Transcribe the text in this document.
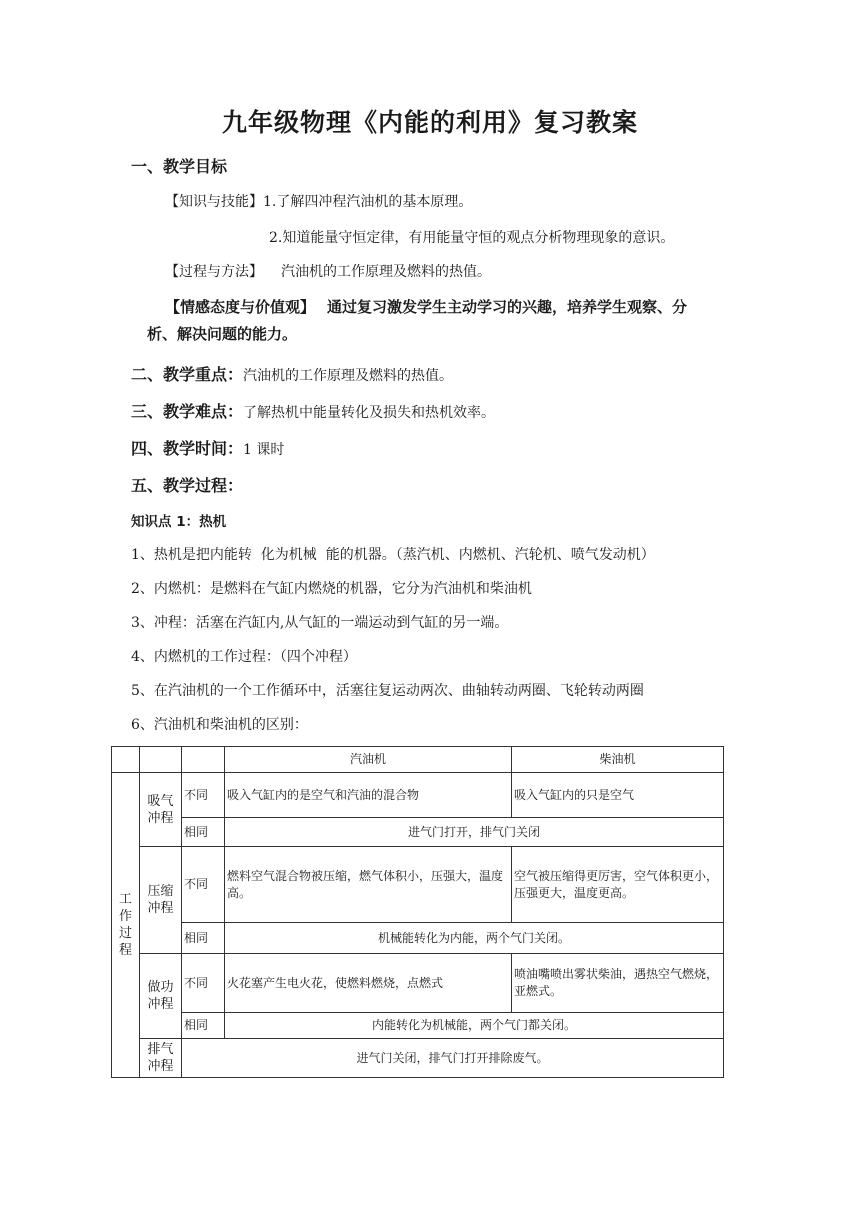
九年级物理《内能的利用》复习教案
一、教学目标
【知识与技能】1.了解四冲程汽油机的基本原理。
2.知道能量守恒定律，有用能量守恒的观点分析物理现象的意识。
【过程与方法】 汽油机的工作原理及燃料的热值。
【情感态度与价值观】 通过复习激发学生主动学习的兴趣，培养学生观察、分
析、解决问题的能力。
二、教学重点：汽油机的工作原理及燃料的热值。
三、教学难点：了解热机中能量转化及损失和热机效率。
四、教学时间：1 课时
五、教学过程：
知识点 1：热机
1、热机是把内能转  化为机械  能的机器。（蒸汽机、内燃机、汽轮机、喷气发动机）
2、内燃机：是燃料在气缸内燃烧的机器，它分为汽油机和柴油机
3、冲程：活塞在汽缸内,从气缸的一端运动到气缸的另一端。
4、内燃机的工作过程：（四个冲程）
5、在汽油机的一个工作循环中，活塞往复运动两次、曲轴转动两圈、飞轮转动两圈
6、汽油机和柴油机的区别：
			汽油机	柴油机
工作过程	吸气冲程	不同	吸入气缸内的是空气和汽油的混合物	吸入气缸内的只是空气
		相同	进气门打开，排气门关闭	
	压缩冲程	不同	燃料空气混合物被压缩，燃气体积小，压强大，温度高。	空气被压缩得更厉害，空气体积更小，压强更大，温度更高。
		相同	机械能转化为内能，两个气门关闭。	
	做功冲程	不同	火花塞产生电火花，使燃料燃烧，点燃式	喷油嘴喷出雾状柴油，遇热空气燃烧，亚燃式。
		相同	内能转化为机械能，两个气门都关闭。	
	排气冲程	进气门关闭，排气门打开排除废气。		
